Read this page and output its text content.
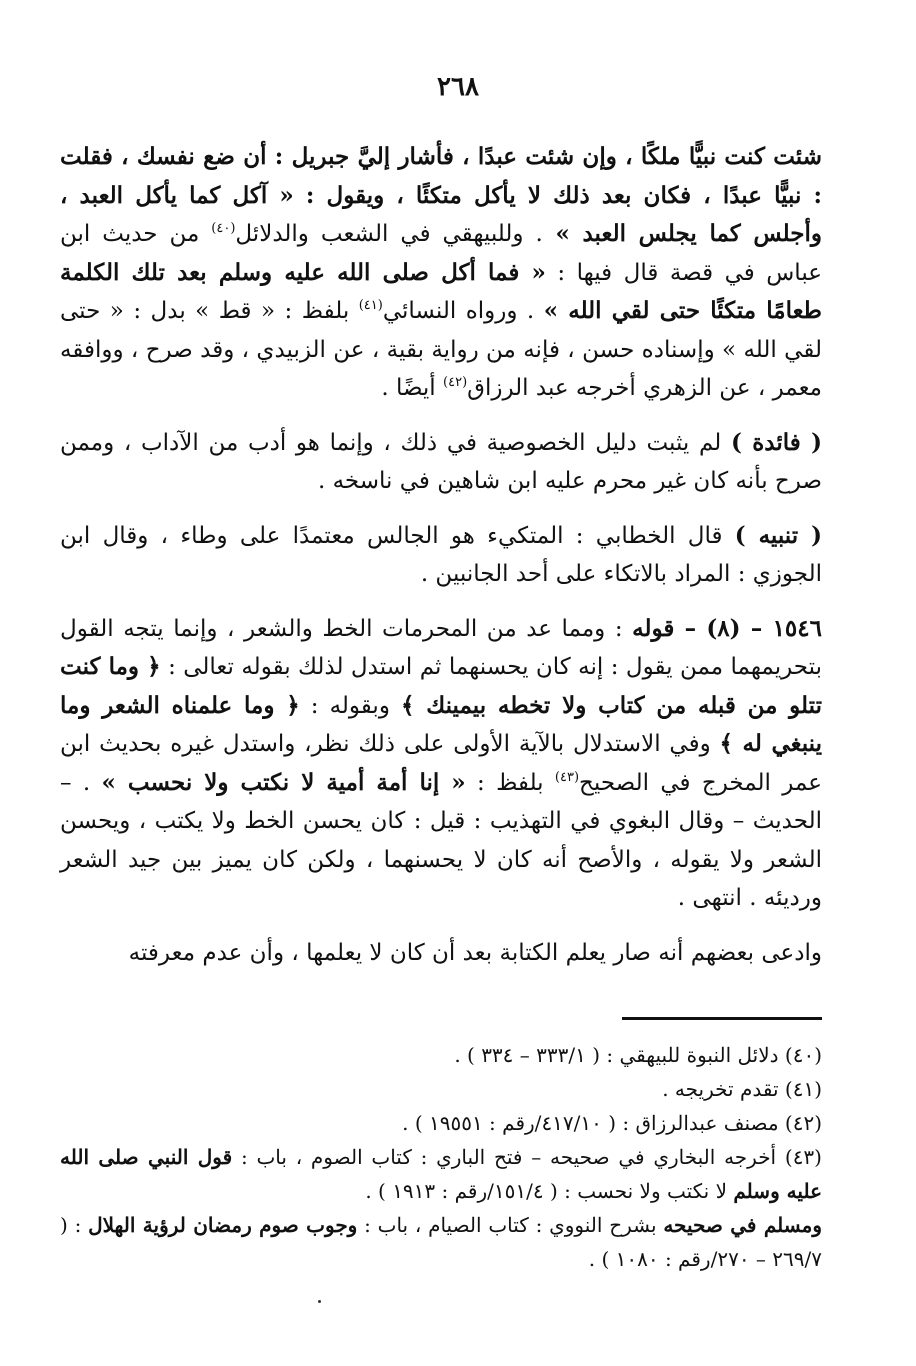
٢٦٨

شئت كنت نبيًّا ملكًا ، وإن شئت عبدًا ، فأشار إليَّ جبريل : أن ضع نفسك ، فقلت : نبيًّا عبدًا ، فكان بعد ذلك لا يأكل متكئًا ، ويقول : « آكل كما يأكل العبد ، وأجلس كما يجلس العبد » . وللبيهقي في الشعب والدلائل$^{(٤٠)}$ من حديث ابن عباس في قصة قال فيها : « فما أكل صلى الله عليه وسلم بعد تلك الكلمة طعامًا متكئًا حتى لقي الله » . ورواه النسائي$^{(٤١)}$ بلفظ : « قط » بدل : « حتى لقي الله » وإسناده حسن ، فإنه من رواية بقية ، عن الزبيدي ، وقد صرح ، ووافقه معمر ، عن الزهري أخرجه عبد الرزاق$^{(٤٢)}$ أيضًا .

( فائدة ) لم يثبت دليل الخصوصية في ذلك ، وإنما هو أدب من الآداب ، وممن صرح بأنه كان غير محرم عليه ابن شاهين في ناسخه .

( تنبيه ) قال الخطابي : المتكيء هو الجالس معتمدًا على وطاء ، وقال ابن الجوزي : المراد بالاتكاء على أحد الجانبين .

١٥٤٦ – (٨) – قوله : ومما عد من المحرمات الخط والشعر ، وإنما يتجه القول بتحريمهما ممن يقول : إنه كان يحسنهما ثم استدل لذلك بقوله تعالى : ﴿ وما كنت تتلو من قبله من كتاب ولا تخطه بيمينك ﴾ وبقوله : ﴿ وما علمناه الشعر وما ينبغي له ﴾ وفي الاستدلال بالآية الأولى على ذلك نظر، واستدل غيره بحديث ابن عمر المخرج في الصحيح$^{(٤٣)}$ بلفظ : « إنا أمة أمية لا نكتب ولا نحسب » . – الحديث – وقال البغوي في التهذيب : قيل : كان يحسن الخط ولا يكتب ، ويحسن الشعر ولا يقوله ، والأصح أنه كان لا يحسنهما ، ولكن كان يميز بين جيد الشعر ورديئه . انتهى .

وادعى بعضهم أنه صار يعلم الكتابة بعد أن كان لا يعلمها ، وأن عدم معرفته

(٤٠) دلائل النبوة للبيهقي : ( ٣٣٣/١ – ٣٣٤ ) .

(٤١) تقدم تخريجه .

(٤٢) مصنف عبدالرزاق : ( ٤١٧/١٠/رقم : ١٩٥٥١ ) .

(٤٣) أخرجه البخاري في صحيحه – فتح الباري : كتاب الصوم ، باب : قول النبي صلى الله عليه وسلم لا نكتب ولا نحسب : ( ١٥١/٤/رقم : ١٩١٣ ) .

ومسلم في صحيحه بشرح النووي : كتاب الصيام ، باب : وجوب صوم رمضان لرؤية الهلال : ( ٢٦٩/٧ – ٢٧٠/رقم : ١٠٨٠ ) .
